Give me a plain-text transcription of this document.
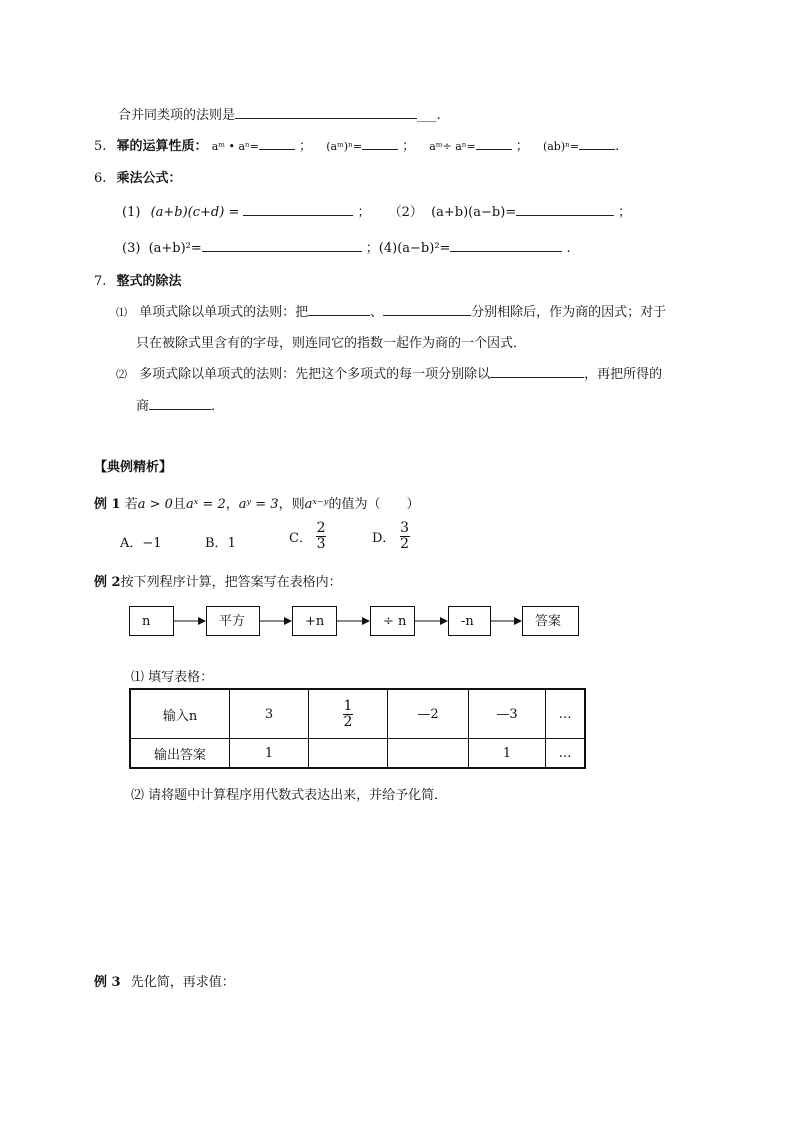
合并同类项的法则是	___.
5. 幂的运算性质： aᵐ • aⁿ=	； (aᵐ)ⁿ=	； aᵐ÷ aⁿ=	； (ab)ⁿ=	.
6. 乘法公式：
(1) (a+b)(c+d) =	； （2） (a+b)(a−b)=	；
(3) (a+b)²=	；(4)(a−b)²=	.
7. 整式的除法
⑴ 单项式除以单项式的法则：把	、	分别相除后，作为商的因式；对于
只在被除式里含有的字母，则连同它的指数一起作为商的一个因式．
⑵ 多项式除以单项式的法则：先把这个多项式的每一项分别除以	，再把所得的
商	．
【典例精析】
例 1 若a > 0且aˣ = 2，aʸ = 3，则aˣ⁻ʸ的值为（　　）
A．−1	B．1	C． $\frac{2}{3}$	D． $\frac{3}{2}$
例 2按下列程序计算，把答案写在表格内：
n	平方	+n	÷ n	-n	答案
⑴ 填写表格：
输入n	3	$\frac{1}{2}$	—2	—3	…
输出答案	1			1	…
⑵ 请将题中计算程序用代数式表达出来，并给予化简．
例 3 先化简，再求值：
